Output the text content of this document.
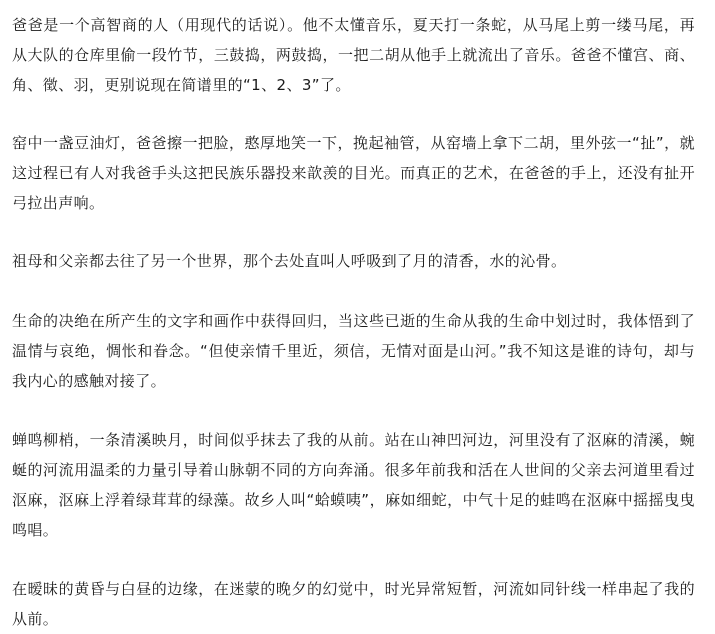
爸爸是一个高智商的人（用现代的话说）。他不太懂音乐，夏天打一条蛇，从马尾上剪一缕马尾，再从大队的仓库里偷一段竹节，三鼓捣，两鼓捣，一把二胡从他手上就流出了音乐。爸爸不懂宫、商、角、徵、羽，更别说现在简谱里的“1、2、3”了。

窑中一盏豆油灯，爸爸擦一把脸，憨厚地笑一下，挽起袖管，从窑墙上拿下二胡，里外弦一“扯”，就这过程已有人对我爸手头这把民族乐器投来歆羡的目光。而真正的艺术，在爸爸的手上，还没有扯开弓拉出声响。

祖母和父亲都去往了另一个世界，那个去处直叫人呼吸到了月的清香，水的沁骨。

生命的决绝在所产生的文字和画作中获得回归，当这些已逝的生命从我的生命中划过时，我体悟到了温情与哀绝，惆怅和眷念。“但使亲情千里近，须信，无情对面是山河。”我不知这是谁的诗句，却与我内心的感触对接了。

蝉鸣柳梢，一条清溪映月，时间似乎抹去了我的从前。站在山神凹河边，河里没有了沤麻的清溪，蜿蜒的河流用温柔的力量引导着山脉朝不同的方向奔涌。很多年前我和活在人世间的父亲去河道里看过沤麻，沤麻上浮着绿茸茸的绿藻。故乡人叫“蛤蟆咦”，麻如细蛇，中气十足的蛙鸣在沤麻中摇摇曳曳鸣唱。

在暧昧的黄昏与白昼的边缘，在迷蒙的晚夕的幻觉中，时光异常短暂，河流如同针线一样串起了我的从前。
